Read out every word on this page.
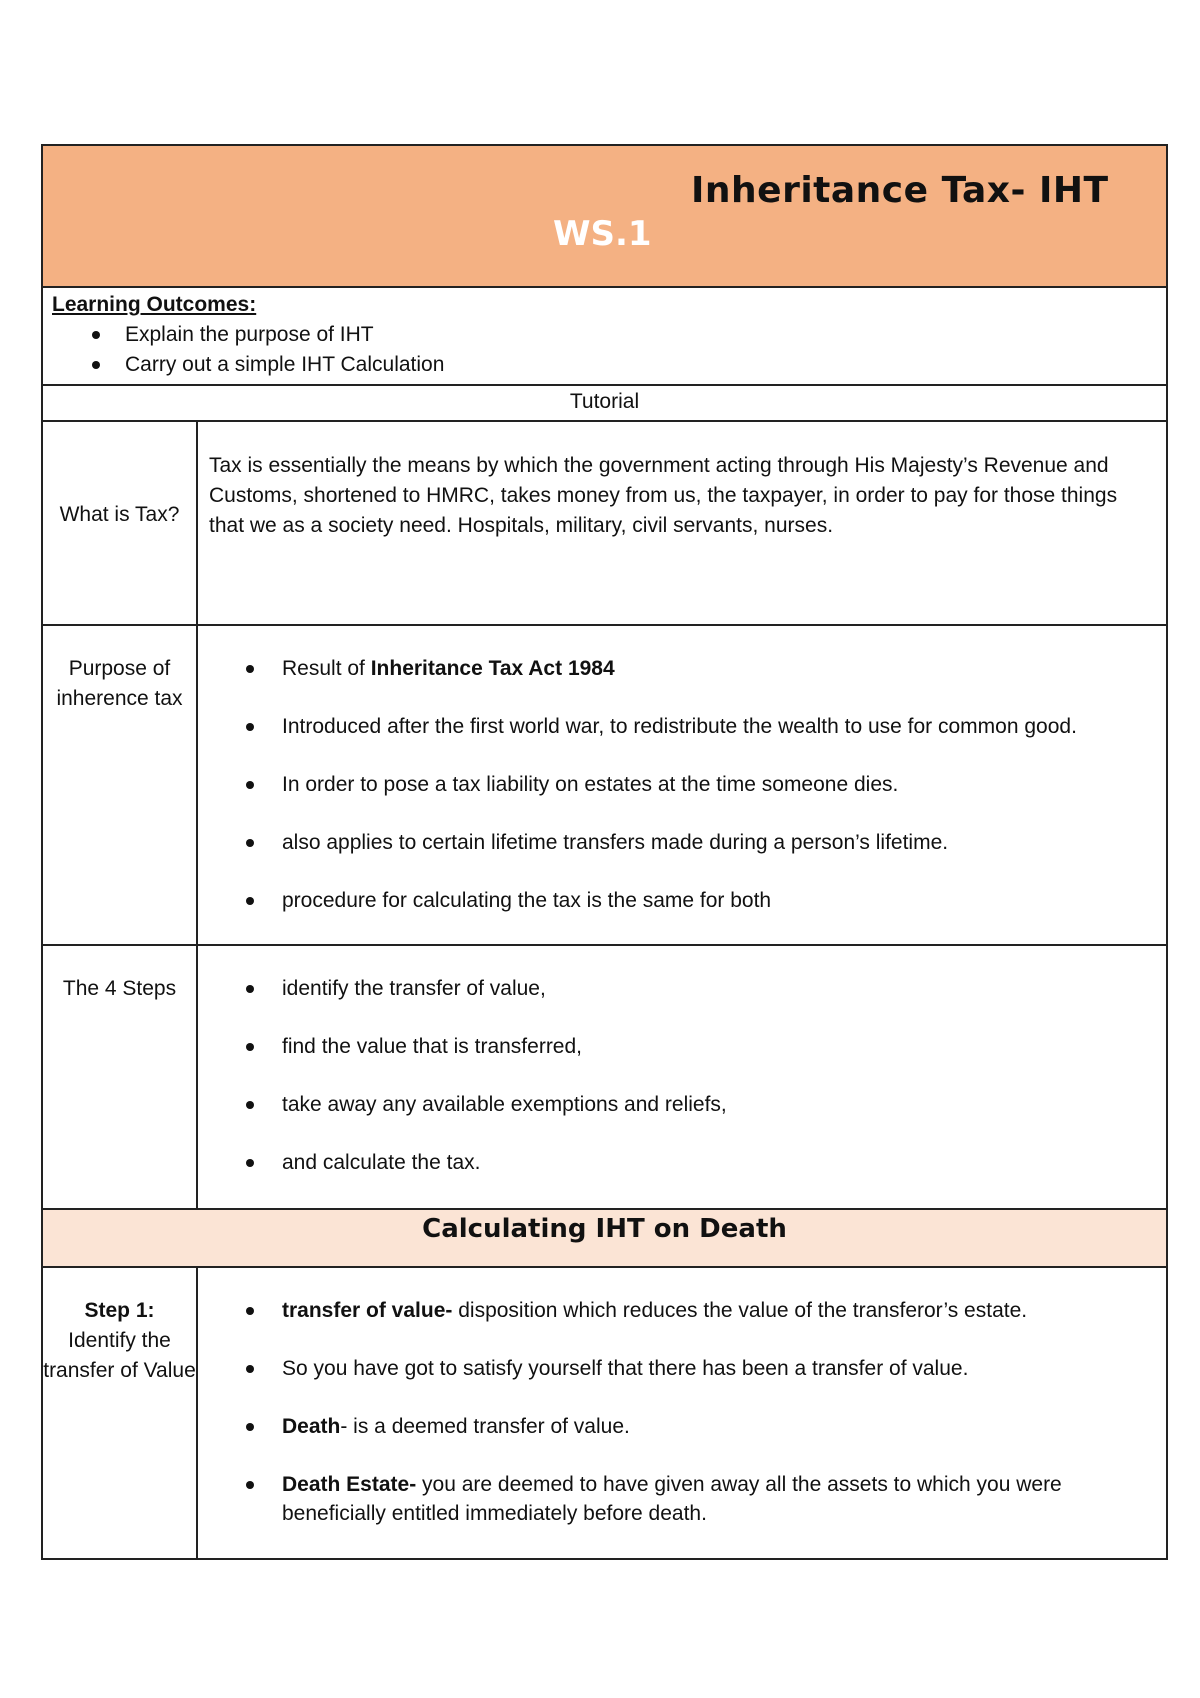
Inheritance Tax- IHT
WS.1
Learning Outcomes:
Explain the purpose of IHT
Carry out a simple IHT Calculation
Tutorial
What is Tax?
Tax is essentially the means by which the government acting through His Majesty’s Revenue and Customs, shortened to HMRC, takes money from us, the taxpayer, in order to pay for those things that we as a society need. Hospitals, military, civil servants, nurses.
Purpose of inherence tax
Result of Inheritance Tax Act 1984
Introduced after the first world war, to redistribute the wealth to use for common good.
In order to pose a tax liability on estates at the time someone dies.
also applies to certain lifetime transfers made during a person’s lifetime.
procedure for calculating the tax is the same for both
The 4 Steps	identify the transfer of value,
find the value that is transferred,
take away any available exemptions and reliefs,
and calculate the tax.
Calculating IHT on Death
Step 1:
Identify the transfer of Value
transfer of value- disposition which reduces the value of the transferor’s estate.
So you have got to satisfy yourself that there has been a transfer of value.
Death- is a deemed transfer of value.
Death Estate- you are deemed to have given away all the assets to which you were beneficially entitled immediately before death.
